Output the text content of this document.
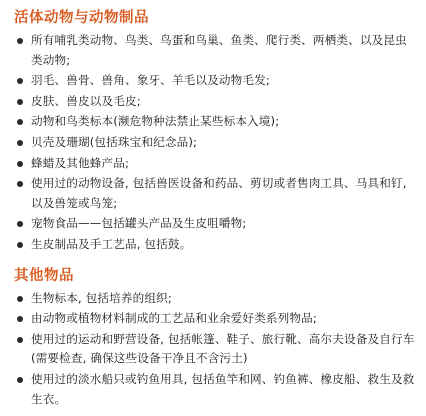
活体动物与动物制品
所有哺乳类动物、鸟类、鸟蛋和鸟巢、鱼类、爬行类、两栖类、以及昆虫类动物;
羽毛、兽骨、兽角、象牙、羊毛以及动物毛发;
皮肤、兽皮以及毛皮;
动物和鸟类标本(濒危物种法禁止某些标本入境);
贝壳及珊瑚(包括珠宝和纪念品);
蜂蜡及其他蜂产品;
使用过的动物设备, 包括兽医设备和药品、剪切或者售肉工具、马具和钉, 以及兽笼或鸟笼;
宠物食品——包括罐头产品及生皮咀嚼物;
生皮制品及手工艺品, 包括鼓。
其他物品
生物标本, 包括培养的组织;
由动物或植物材料制成的工艺品和业余爱好类系列物品;
使用过的运动和野营设备, 包括帐篷、鞋子、旅行靴、高尔夫设备及自行车(需要检查, 确保这些设备干净且不含污土)
使用过的淡水船只或钓鱼用具, 包括鱼竿和网、钓鱼裤、橡皮船、救生及救生衣。
